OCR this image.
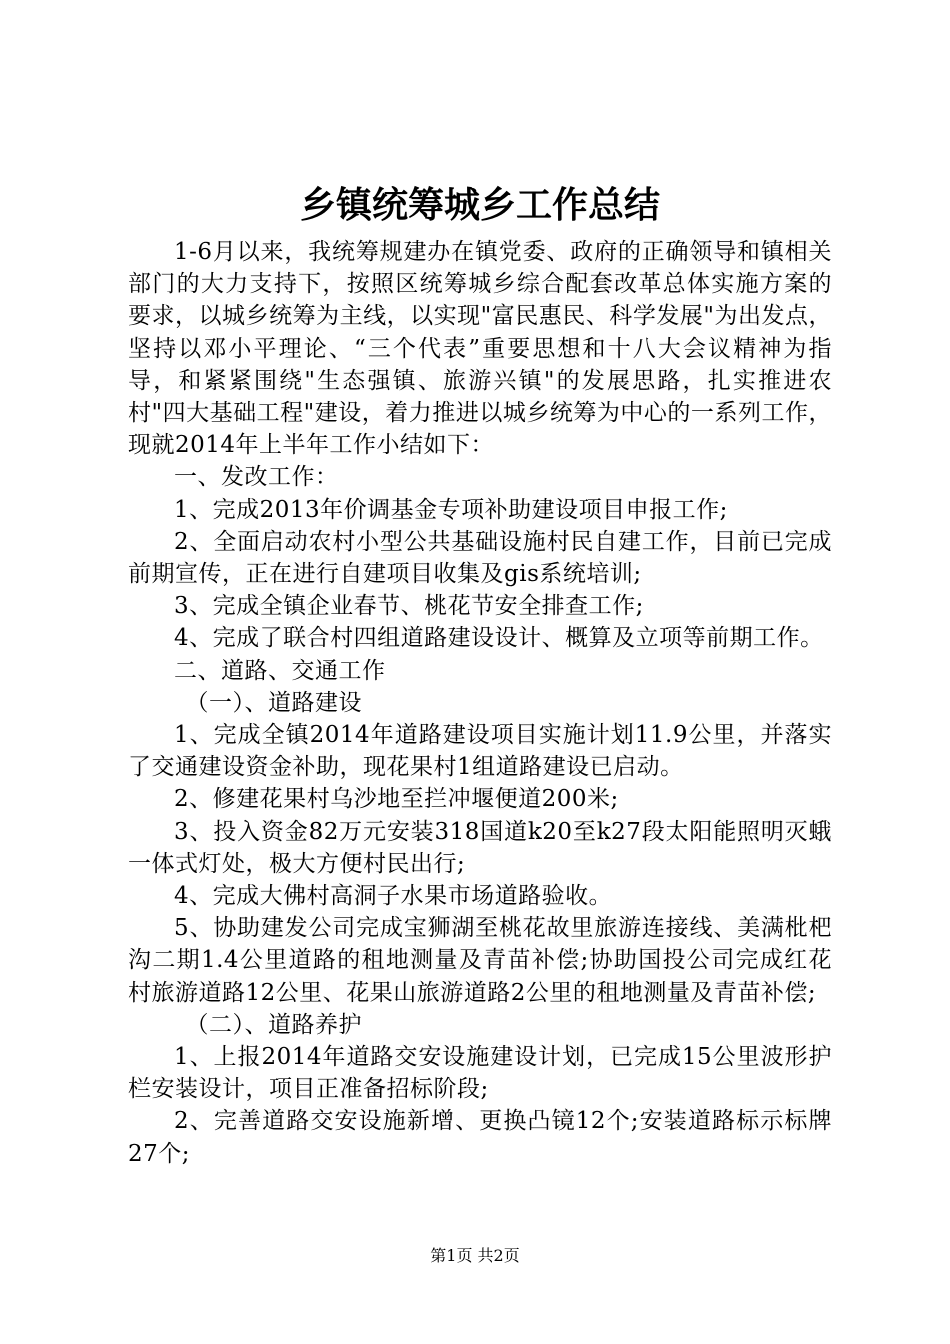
乡镇统筹城乡工作总结

1-6月以来，我统筹规建办在镇党委、政府的正确领导和镇相关部门的大力支持下，按照区统筹城乡综合配套改革总体实施方案的要求，以城乡统筹为主线，以实现"富民惠民、科学发展"为出发点，坚持以邓小平理论、“三个代表”重要思想和十八大会议精神为指导，和紧紧围绕"生态强镇、旅游兴镇"的发展思路，扎实推进农村"四大基础工程"建设，着力推进以城乡统筹为中心的一系列工作，现就2014年上半年工作小结如下：

一、发改工作：

1、完成2013年价调基金专项补助建设项目申报工作;

2、全面启动农村小型公共基础设施村民自建工作，目前已完成前期宣传，正在进行自建项目收集及gis系统培训;

3、完成全镇企业春节、桃花节安全排查工作;

4、完成了联合村四组道路建设设计、概算及立项等前期工作。

二、道路、交通工作

（一）、道路建设

1、完成全镇2014年道路建设项目实施计划11.9公里，并落实了交通建设资金补助，现花果村1组道路建设已启动。

2、修建花果村乌沙地至拦冲堰便道200米;

3、投入资金82万元安装318国道k20至k27段太阳能照明灭蛾一体式灯处，极大方便村民出行;

4、完成大佛村高洞子水果市场道路验收。

5、协助建发公司完成宝狮湖至桃花故里旅游连接线、美满枇杷沟二期1.4公里道路的租地测量及青苗补偿;协助国投公司完成红花村旅游道路12公里、花果山旅游道路2公里的租地测量及青苗补偿;

（二）、道路养护

1、上报2014年道路交安设施建设计划，已完成15公里波形护栏安装设计，项目正准备招标阶段;

2、完善道路交安设施新增、更换凸镜12个;安装道路标示标牌27个;

第1页 共2页
